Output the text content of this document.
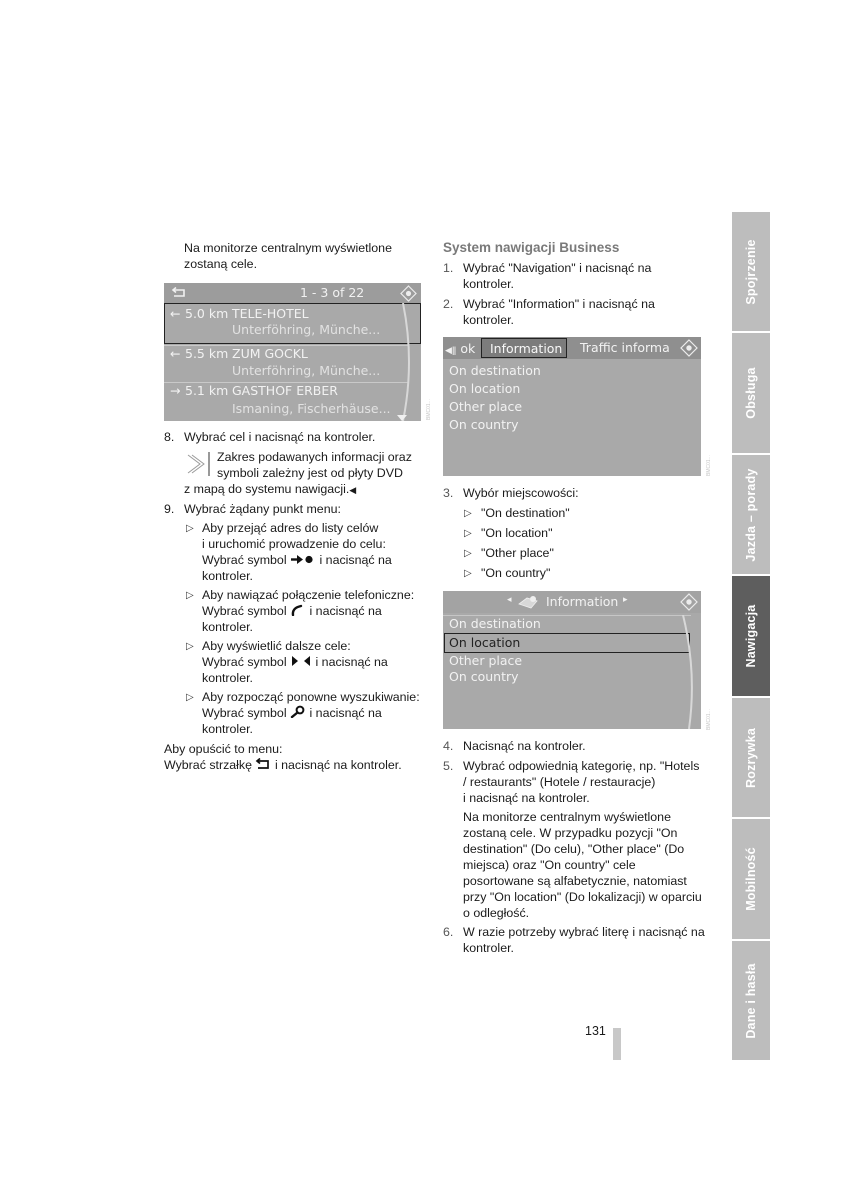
Na monitorze centralnym wyświetlone
zostaną cele.
1 - 3 of 22
← 5.0 km TELE-HOTEL
Unterföhring, Münche...
← 5.5 km ZUM GOCKL
Unterföhring, Münche...
→ 5.1 km GASTHOF ERBER
Ismaning, Fischerhäuse...	BMC01...
8. Wybrać cel i nacisnąć na kontroler.
Zakres podawanych informacji oraz
symboli zależny jest od płyty DVD
z mapą do systemu nawigacji.◀
9. Wybrać żądany punkt menu:
▷ Aby przejąć adres do listy celów
i uruchomić prowadzenie do celu:
Wybrać symbol	i nacisnąć na
kontroler.
▷ Aby nawiązać połączenie telefoniczne:
Wybrać symbol i nacisnąć na
kontroler.
▷ Aby wyświetlić dalsze cele:
Wybrać symbol i nacisnąć na
kontroler.
▷ Aby rozpocząć ponowne wyszukiwanie:
Wybrać symbol i nacisnąć na
kontroler.
Aby opuścić to menu:
Wybrać strzałkę i nacisnąć na kontroler.
System nawigacji Business
1. Wybrać "Navigation" i nacisnąć na
kontroler.
2. Wybrać "Information" i nacisnąć na
kontroler.
◀ǁ ok Information Traffic informa
On destination
On location
Other place
On country
BMC01...
3. Wybór miejscowości:
▷ "On destination"
▷ "On location"
▷ "Other place"
▷ "On country"
◂	Information ▸
On destination
On location
Other place
On country
BMC01...
4. Nacisnąć na kontroler.
5. Wybrać odpowiednią kategorię, np. "Hotels
/ restaurants" (Hotele / restauracje)
i nacisnąć na kontroler.
Na monitorze centralnym wyświetlone
zostaną cele. W przypadku pozycji "On
destination" (Do celu), "Other place" (Do
miejsca) oraz "On country" cele
posortowane są alfabetycznie, natomiast
przy "On location" (Do lokalizacji) w oparciu
o odległość.
6. W razie potrzeby wybrać literę i nacisnąć na
kontroler.
131
Spojrzenie
Obsługa
Jazda – porady
Nawigacja
Rozrywka
Mobilność
Dane i hasła
